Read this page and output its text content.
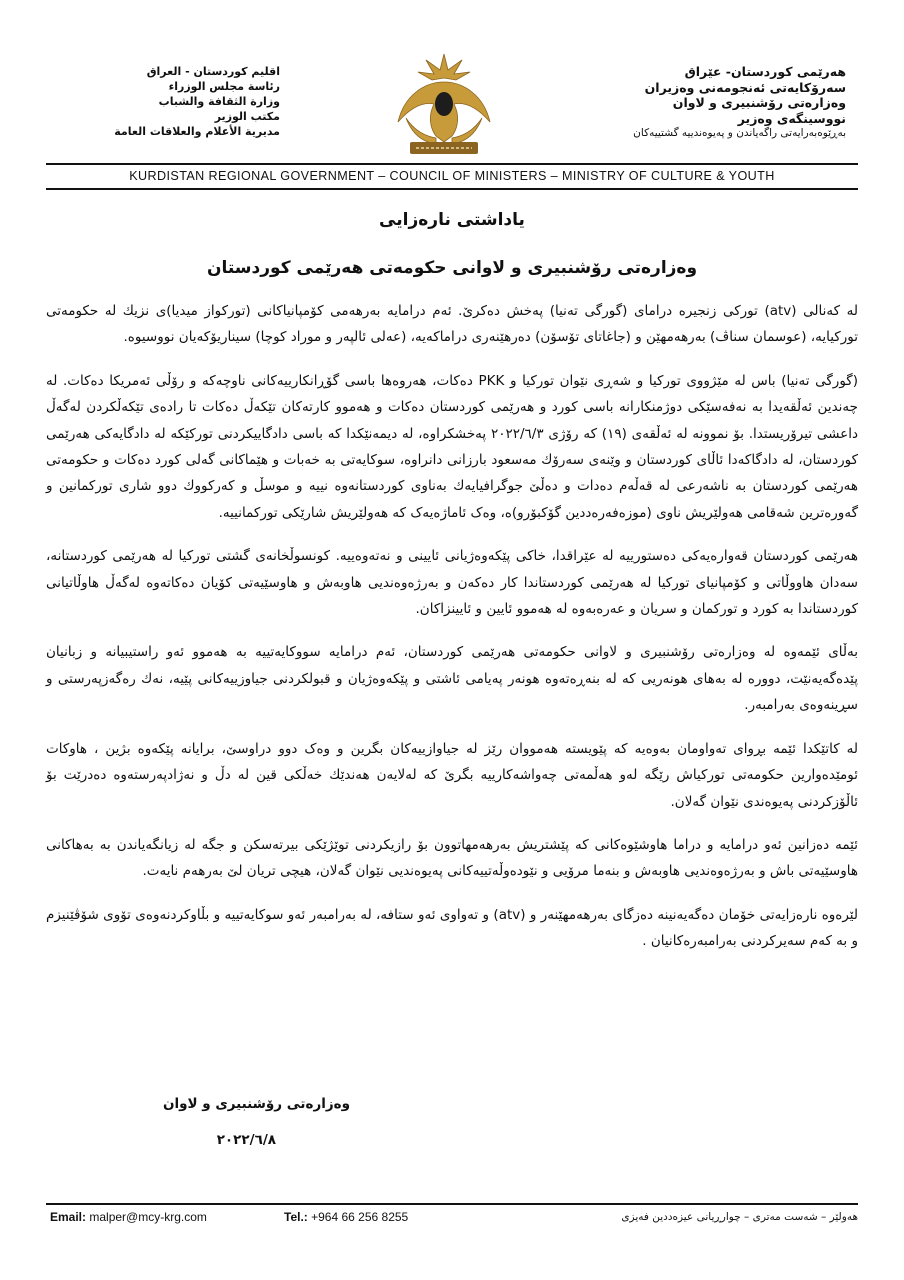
هەرێمی کوردستان- عێراق
سەرۆکایەتی ئەنجومەنی وەزیران
وەزارەتی رۆشنبیری و لاوان
نووسینگەی وەزیر
بەڕێوەبەرایەتی راگەیاندن و پەیوەندییە گشتییەکان
اقليم كوردستان - العراق
رئاسة مجلس الوزراء
وزارة الثقافة والشباب
مكتب الوزير
مديرية الأعلام والعلاقات العامة
KURDISTAN REGIONAL GOVERNMENT – COUNCIL OF MINISTERS – MINISTRY OF CULTURE & YOUTH
یاداشتی نارەزایی
وەزارەتی رۆشنبیری و لاوانی حکومەتی هەرێمی کوردستان

لە کەنالی (atv) تورکی زنجیرە درامای (گورگی تەنیا) پەخش دەکرێ. ئەم درامایە بەرهەمی کۆمپانیاکانی (تورکواز میدیا)ی نزیك لە حکومەتی تورکیایە، (عوسمان سناڤ) بەرهەمهێن و (جاغاتای تۆسۆن) دەرهێنەری دراماکەیە، (عەلی ئالپەر و موراد کوچا) سیناریۆکەیان نووسیوە.

(گورگی تەنیا) باس لە مێژووی تورکیا و شەڕی نێوان تورکیا و PKK دەکات، هەروەها باسی گۆڕانکارییەکانی ناوچەکە و رۆڵی ئەمریکا دەکات. لە چەندین ئەڵقەیدا بە نەفەسێکی دوژمنکارانە باسی کورد و هەرێمی کوردستان دەکات و هەموو کارتەکان تێکەڵ دەکات تا رادەی تێکەڵکردن لەگەڵ داعشی تیرۆریستدا. بۆ نموونە لە ئەڵقەی (١٩) کە رۆژی ٢٠٢٢/٦/٣ پەخشکراوە، لە دیمەنێکدا کە باسی دادگاییکردنی تورکێکە لە دادگایەکی هەرێمی کوردستان، لە دادگاکەدا ئاڵای کوردستان و وێنەی سەرۆك مەسعود بارزانی دانراوە، سوکایەتی بە خەبات و هێماکانی گەلی کورد دەکات و حکومەتی هەرێمی کوردستان بە ناشەرعی لە قەڵەم دەدات و دەڵێ جوگرافیایەك بەناوی کوردستانەوە نییە و موسڵ و کەرکووك دوو شاری تورکمانین و گەورەترین شەقامی هەولێریش ناوی (موزەفەرەددین گۆکبۆرو)ە، وەک ئاماژەیەک کە هەولێریش شارێکی تورکمانییە.

هەرێمی کوردستان قەوارەیەکی دەستورییە لە عێراقدا، خاکی پێکەوەژیانی ئایینی و نەتەوەییە. کونسوڵخانەی گشتی تورکیا لە هەرێمی کوردستانە، سەدان هاووڵاتی و کۆمپانیای تورکیا لە هەرێمی کوردستاندا کار دەکەن و بەرژەوەندیی هاوبەش و هاوسێیەتی کۆیان دەکاتەوە لەگەڵ هاوڵاتیانی کوردستاندا بە کورد و تورکمان و سریان و عەرەبەوە لە هەموو ئایین و ئایینزاکان.

بەڵای ئێمەوە لە وەزارەتی رۆشنبیری و لاوانی حکومەتی هەرێمی کوردستان، ئەم درامایە سووکایەتییە بە هەموو ئەو راستیبیانە و زبانیان پێدەگەیەنێت، دووره لە بەهای هونەریی کە لە بنەڕەتەوە هونەر پەیامی ئاشتی و پێکەوەژیان و قبولکردنی جیاوزییەکانی پێیە، نەك رەگەزپەرستی و سڕینەوەی بەرامبەر.

لە کاتێکدا ئێمە بڕوای تەواومان بەوەیە کە پێویستە هەمووان رێز لە جیاوازییەکان بگرین و وەک دوو دراوسێ، برایانە پێکەوە بژین ، هاوکات ئومێدەوارین حکومەتی تورکیاش رێگە لەو هەڵمەتی چەواشەکارییە بگرێ کە لەلایەن هەندێك خەڵکی قین لە دڵ و نەژادپەرستەوە دەدرێت بۆ ئاڵۆزکردنی پەیوەندی نێوان گەلان.

ئێمە دەزانین ئەو درامایە و دراما هاوشێوەکانی کە پێشتریش بەرهەمهاتوون بۆ رازیکردنی توێژێکی بیرتەسکن و جگە لە زیانگەیاندن بە بەهاکانی هاوسێیەتی باش و بەرژەوەندیی هاوبەش و بنەما مرۆیی و نێودەوڵەتییەکانی پەیوەندیی نێوان گەلان، هیچی تریان لێ بەرهەم نایەت.

لێرەوە نارەزایەتی خۆمان دەگەیەنینە دەزگای بەرهەمهێنەر و (atv) و تەواوی ئەو ستافە، لە بەرامبەر ئەو سوکایەتییە و بڵاوکردنەوەی تۆوی شۆڤێنیزم و بە کەم سەیرکردنی بەرامبەرەکانیان .

وەزارەتی رۆشنبیری و لاوان
٢٠٢٢/٦/٨
Email: malper@mcy-krg.com	Tel.: +964 66 256 8255	هەولێر – شەست مەتری – چوارڕیانی عیزەددین فەیزی
